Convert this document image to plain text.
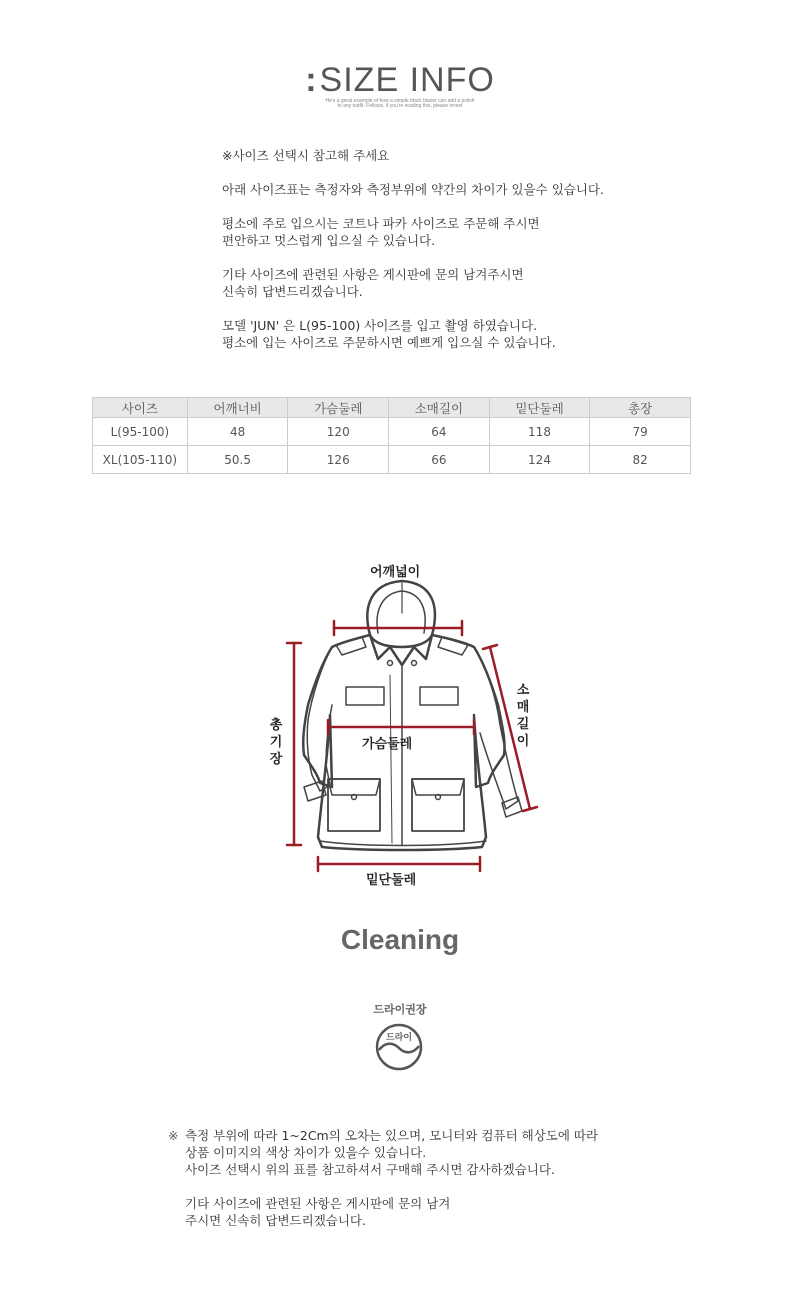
:SIZE INFO
He's a great example of how a simple black blazer can add a polish
to any outfit. Fellows, if you're reading this, please invest
※사이즈 선택시 참고해 주세요
아래 사이즈표는 측정자와 측정부위에 약간의 차이가 있을수 있습니다.
평소에 주로 입으시는 코트나 파카 사이즈로 주문해 주시면
편안하고 멋스럽게 입으실 수 있습니다.
기타 사이즈에 관련된 사항은 게시판에 문의 남겨주시면
신속히 답변드리겠습니다.
모델 'JUN' 은 L(95-100) 사이즈를 입고 촬영 하였습니다.
평소에 입는 사이즈로 주문하시면 예쁘게 입으실 수 있습니다.
사이즈	어깨너비	가슴둘레	소매길이	밑단둘레	총장
L(95-100)	48	120	64	118	79
XL(105-110)	50.5	126	66	124	82
어깨넓이
가슴둘레
밑단둘레
총
기
장
소
매
길
이
Cleaning
드라이권장
드라이
※ 측정 부위에 따라 1~2Cm의 오차는 있으며, 모니터와 컴퓨터 해상도에 따라
상품 이미지의 색상 차이가 있을수 있습니다.
사이즈 선택시 위의 표를 참고하셔서 구매해 주시면 감사하겠습니다.
기타 사이즈에 관련된 사항은 게시판에 문의 남겨
주시면 신속히 답변드리겠습니다.
